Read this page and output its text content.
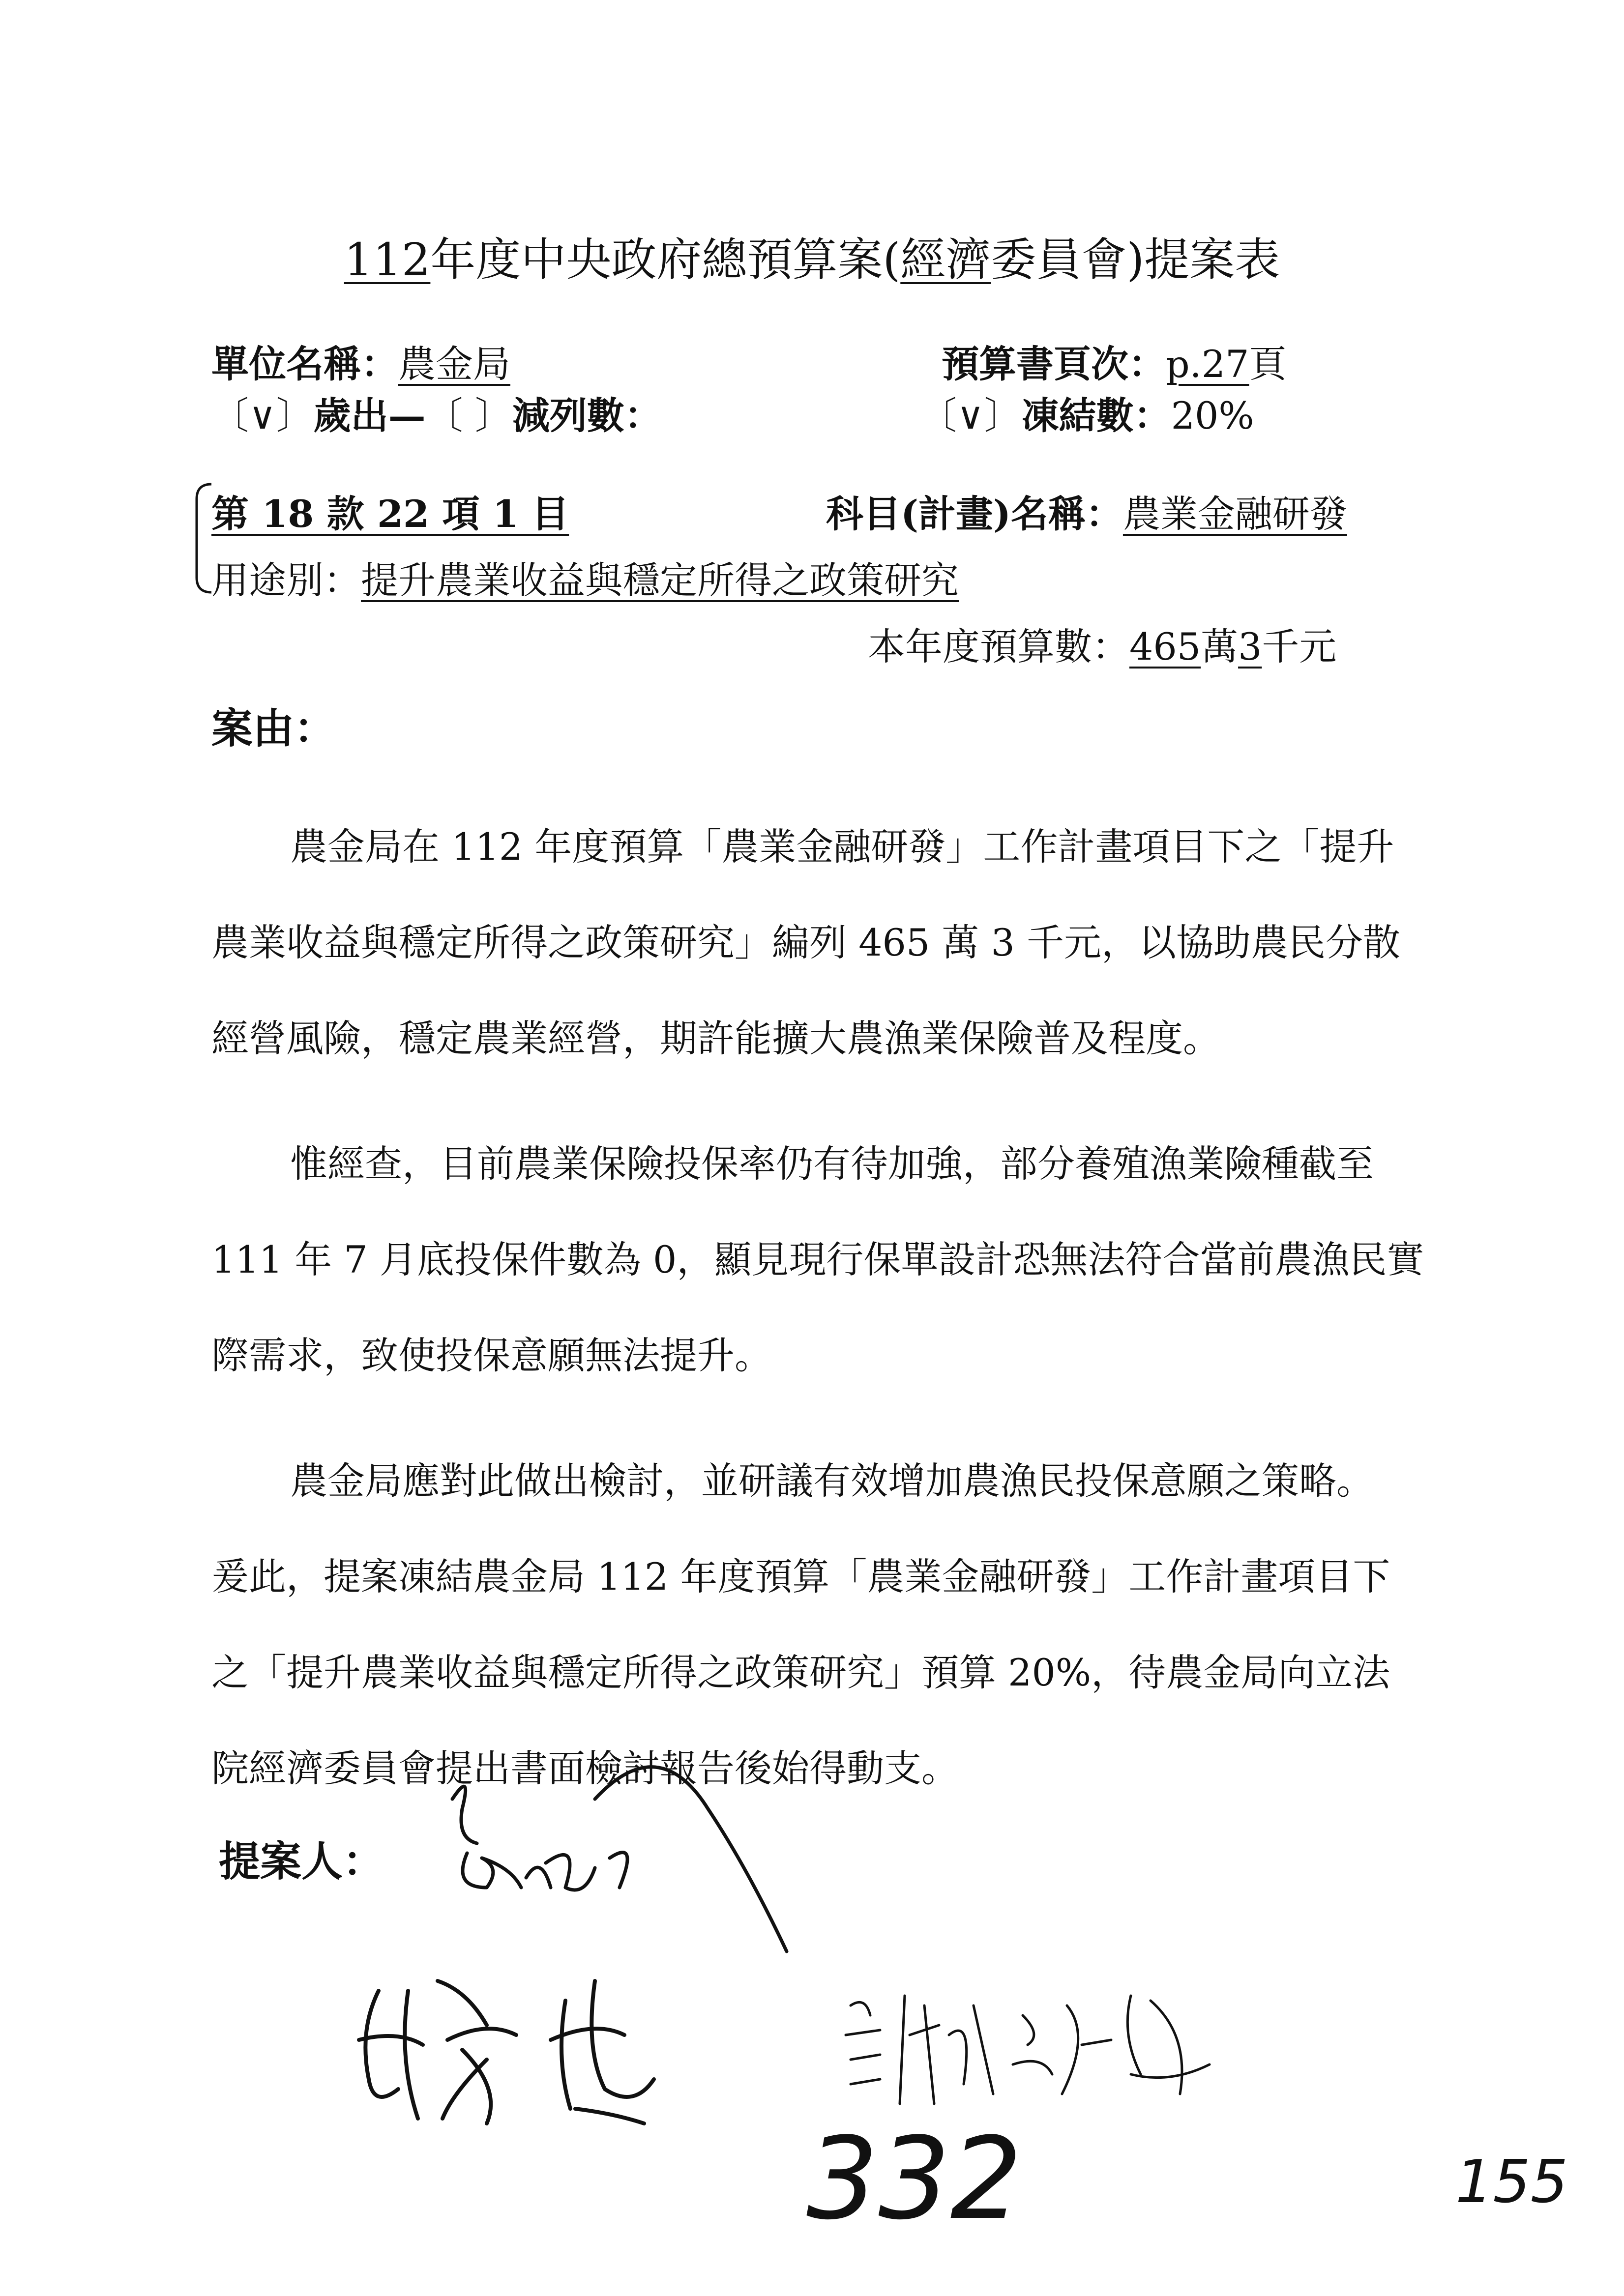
112年度中央政府總預算案(經濟委員會)提案表
單位名稱：農金局	預算書頁次：p.27頁
〔∨〕歲出—〔 〕減列數：	〔∨〕凍結數：20%
第 18 款 22 項 1 目	科目(計畫)名稱：農業金融研發
用途別：提升農業收益與穩定所得之政策研究
本年度預算數：465萬3千元
案由：
農金局在 112 年度預算「農業金融研發」工作計畫項目下之「提升
農業收益與穩定所得之政策研究」編列 465 萬 3 千元，以協助農民分散
經營風險，穩定農業經營，期許能擴大農漁業保險普及程度。
惟經查，目前農業保險投保率仍有待加強，部分養殖漁業險種截至
111 年 7 月底投保件數為 0，顯見現行保單設計恐無法符合當前農漁民實
際需求，致使投保意願無法提升。
農金局應對此做出檢討，並研議有效增加農漁民投保意願之策略。
爰此，提案凍結農金局 112 年度預算「農業金融研發」工作計畫項目下
之「提升農業收益與穩定所得之政策研究」預算 20%，待農金局向立法
院經濟委員會提出書面檢討報告後始得動支。
提案人：
332	155
